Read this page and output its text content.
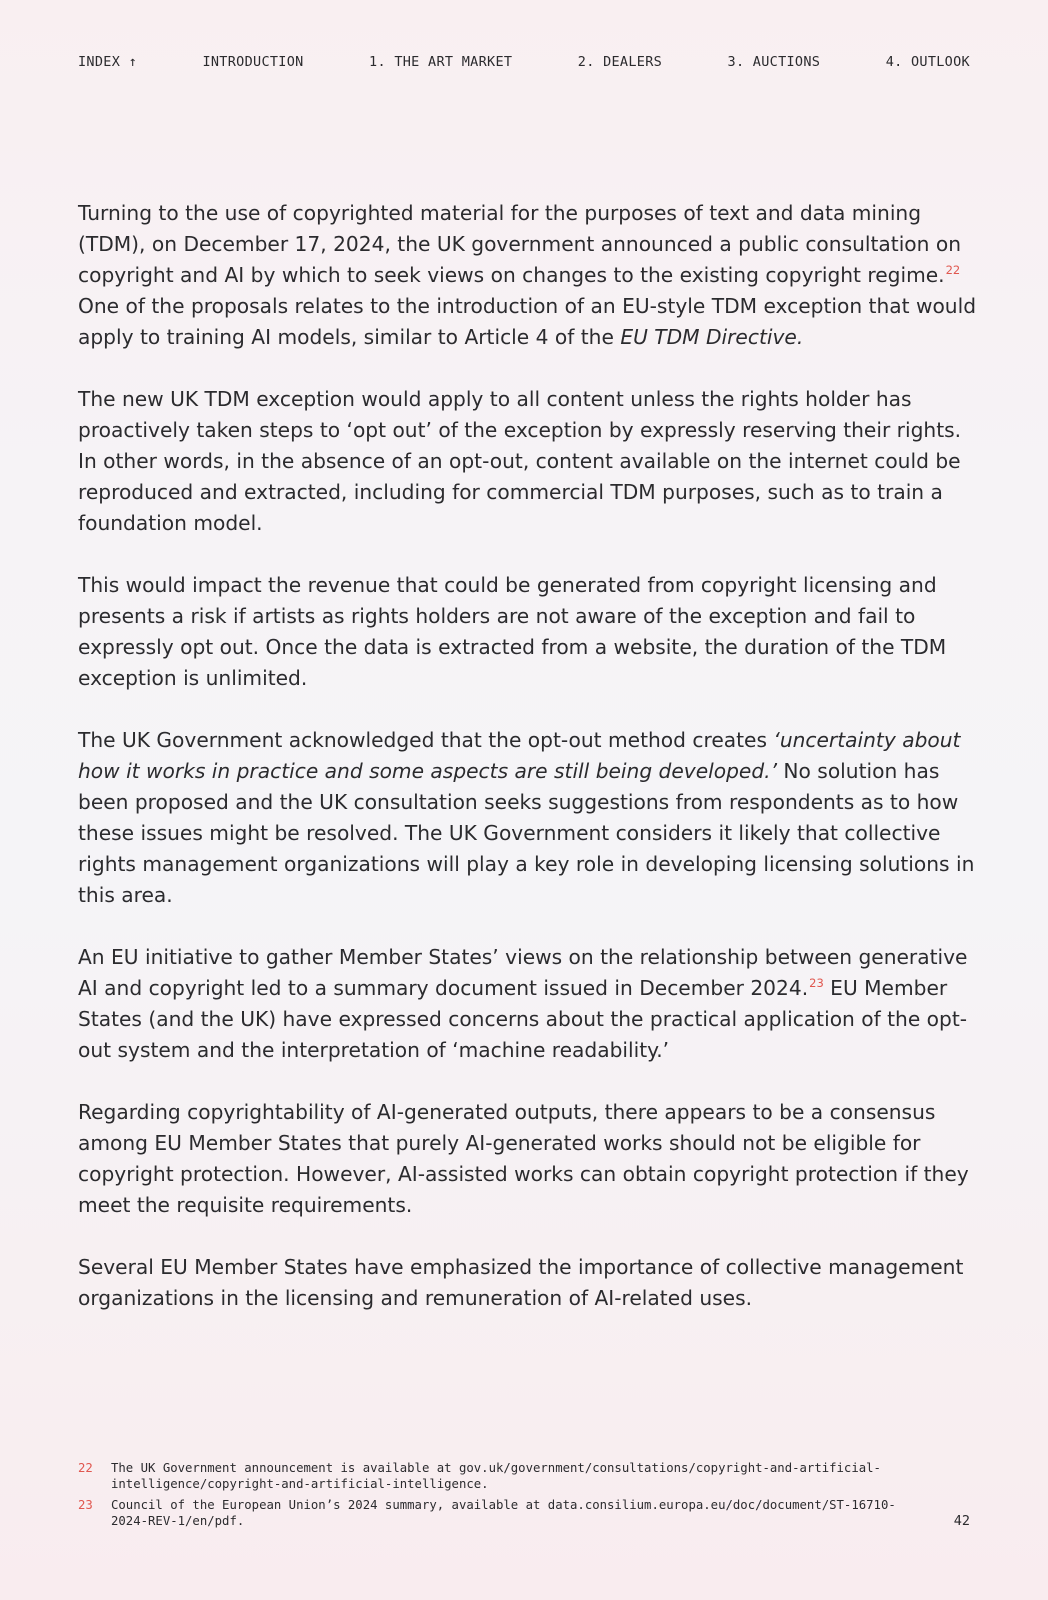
INDEX ↑	INTRODUCTION	1. THE ART MARKET	2. DEALERS	3. AUCTIONS	4. OUTLOOK

Turning to the use of copyrighted material for the purposes of text and data mining (TDM), on December 17, 2024, the UK government announced a public consultation on copyright and AI by which to seek views on changes to the existing copyright regime.$^{22}$ One of the proposals relates to the introduction of an EU-style TDM exception that would apply to training AI models, similar to Article 4 of the EU TDM Directive.

The new UK TDM exception would apply to all content unless the rights holder has proactively taken steps to ‘opt out’ of the exception by expressly reserving their rights. In other words, in the absence of an opt-out, content available on the internet could be reproduced and extracted, including for commercial TDM purposes, such as to train a foundation model.

This would impact the revenue that could be generated from copyright licensing and presents a risk if artists as rights holders are not aware of the exception and fail to expressly opt out. Once the data is extracted from a website, the duration of the TDM exception is unlimited.

The UK Government acknowledged that the opt-out method creates ‘uncertainty about how it works in practice and some aspects are still being developed.’ No solution has been proposed and the UK consultation seeks suggestions from respondents as to how these issues might be resolved. The UK Government considers it likely that collective rights management organizations will play a key role in developing licensing solutions in this area.

An EU initiative to gather Member States’ views on the relationship between generative AI and copyright led to a summary document issued in December 2024.23 EU Member States (and the UK) have expressed concerns about the practical application of the opt-out system and the interpretation of ‘machine readability.’

Regarding copyrightability of AI-generated outputs, there appears to be a consensus among EU Member States that purely AI-generated works should not be eligible for copyright protection. However, AI-assisted works can obtain copyright protection if they meet the requisite requirements.

Several EU Member States have emphasized the importance of collective management organizations in the licensing and remuneration of AI-related uses.

22	The UK Government announcement is available at gov.uk/government/consultations/copyright-and-artificial-intelligence/copyright-and-artificial-intelligence.
23	Council of the European Union’s 2024 summary, available at data.consilium.europa.eu/doc/document/ST-16710-2024-REV-1/en/pdf.	42
